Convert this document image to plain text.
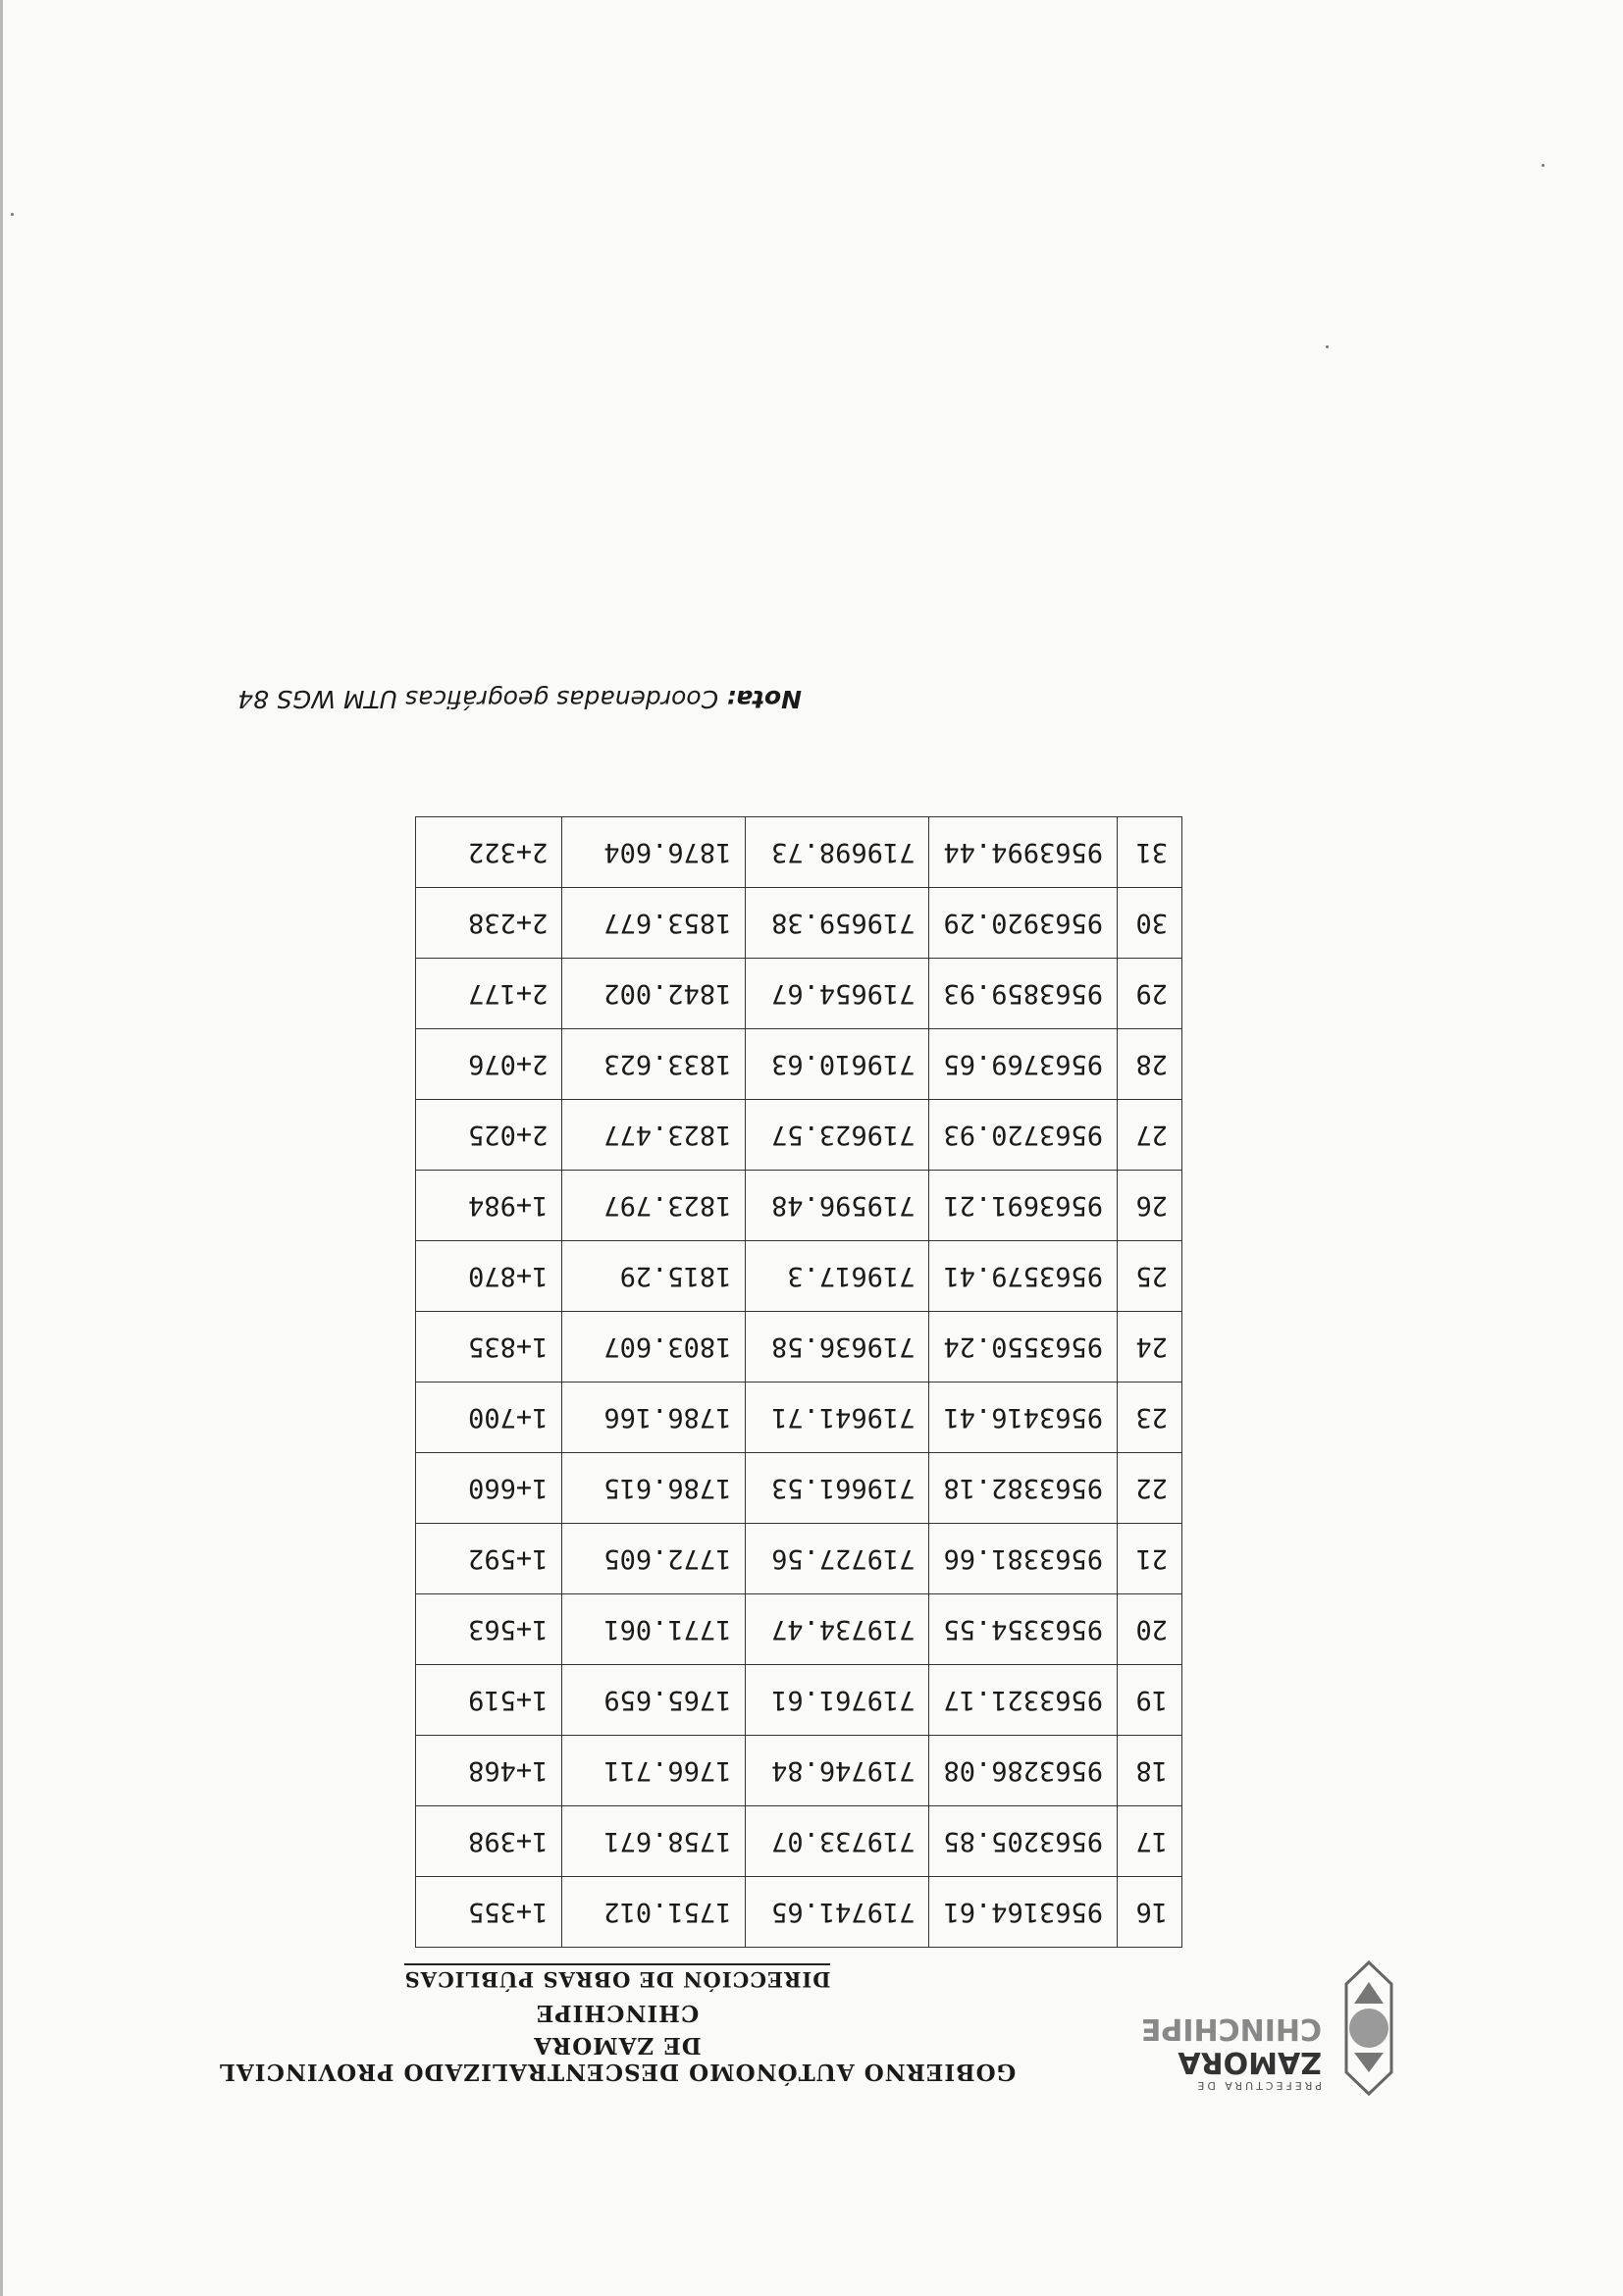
PREFECTURA DE
ZAMORA
CHINCHIPE
GOBIERNO AUTÓNOMO DESCENTRALIZADO PROVINCIAL DE ZAMORA
CHINCHIPE
DIRECCIÓN DE OBRAS PÚBLICAS
16	9563164.61	719741.65	1751.012	1+355
17	9563205.85	719733.07	1758.671	1+398
18	9563286.08	719746.84	1766.711	1+468
19	9563321.17	719761.61	1765.659	1+519
20	9563354.55	719734.47	1771.061	1+563
21	9563381.66	719727.56	1772.605	1+592
22	9563382.18	719661.53	1786.615	1+660
23	9563416.41	719641.71	1786.166	1+700
24	9563550.24	719636.58	1803.607	1+835
25	9563579.41	719617.3	1815.29	1+870
26	9563691.21	719596.48	1823.797	1+984
27	9563720.93	719623.57	1823.477	2+025
28	9563769.65	719610.63	1833.623	2+076
29	9563859.93	719654.67	1842.002	2+177
30	9563920.29	719659.38	1853.677	2+238
31	9563994.44	719698.73	1876.604	2+322
Nota: Coordenadas geográficas UTM WGS 84
